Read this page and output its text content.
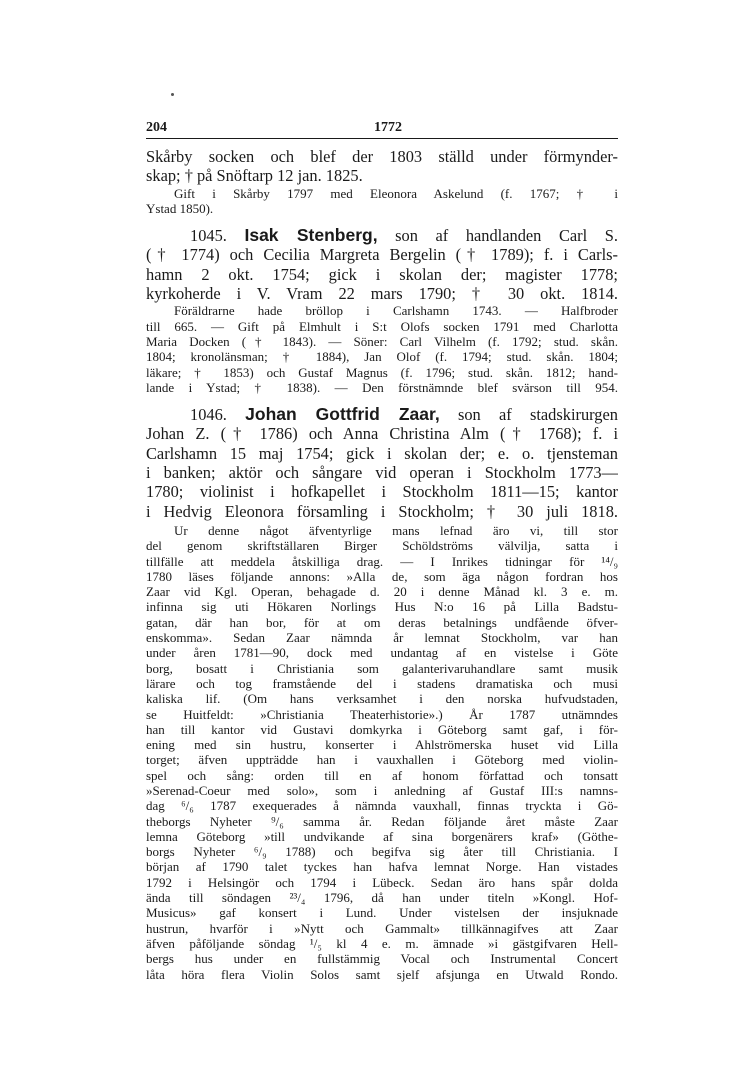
204	1772
Skårby socken och blef der 1803 ställd under förmynder-
skap; † på Snöftarp 12 jan. 1825.
Gift i Skårby 1797 med Eleonora Askelund (f. 1767; † i
Ystad 1850).
1045. Isak Stenberg, son af handlanden Carl S.
(† 1774) och Cecilia Margreta Bergelin († 1789); f. i Carls-
hamn 2 okt. 1754; gick i skolan der; magister 1778;
kyrkoherde i V. Vram 22 mars 1790; † 30 okt. 1814.
Föräldrarne hade bröllop i Carlshamn 1743. — Halfbroder
till 665. — Gift på Elmhult i S:t Olofs socken 1791 med Charlotta
Maria Docken († 1843). — Söner: Carl Vilhelm (f. 1792; stud. skån.
1804; kronolänsman; † 1884), Jan Olof (f. 1794; stud. skån. 1804;
läkare; † 1853) och Gustaf Magnus (f. 1796; stud. skån. 1812; hand-
lande i Ystad; † 1838). — Den förstnämnde blef svärson till 954.
1046. Johan Gottfrid Zaar, son af stadskirurgen
Johan Z. († 1786) och Anna Christina Alm († 1768); f. i
Carlshamn 15 maj 1754; gick i skolan der; e. o. tjensteman
i banken; aktör och sångare vid operan i Stockholm 1773—
1780; violinist i hofkapellet i Stockholm 1811—15; kantor
i Hedvig Eleonora församling i Stockholm; † 30 juli 1818.
Ur denne något äfventyrlige mans lefnad äro vi, till stor
del genom skriftställaren Birger Schöldströms välvilja, satta i
tillfälle att meddela åtskilliga drag. — I Inrikes tidningar för ¹⁴/₉
1780 läses följande annons: »Alla de, som äga någon fordran hos
Zaar vid Kgl. Operan, behagade d. 20 i denne Månad kl. 3 e. m.
infinna sig uti Hökaren Norlings Hus N:o 16 på Lilla Badstu-
gatan, där han bor, för at om deras betalnings undfående öfver-
enskomma». Sedan Zaar nämnda år lemnat Stockholm, var han
under åren 1781—90, dock med undantag af en vistelse i Göte
borg, bosatt i Christiania som galanterivaruhandlare samt musik
lärare och tog framstående del i stadens dramatiska och musi
kaliska lif. (Om hans verksamhet i den norska hufvudstaden,
se Huitfeldt: »Christiania Theaterhistorie».) År 1787 utnämndes
han till kantor vid Gustavi domkyrka i Göteborg samt gaf, i för-
ening med sin hustru, konserter i Ahlströmerska huset vid Lilla
torget; äfven uppträdde han i vauxhallen i Göteborg med violin-
spel och sång: orden till en af honom författad och tonsatt
»Serenad-Coeur med solo», som i anledning af Gustaf III:s namns-
dag ⁶/₆ 1787 exequerades å nämnda vauxhall, finnas tryckta i Gö-
theborgs Nyheter ⁹/₆ samma år. Redan följande året måste Zaar
lemna Göteborg »till undvikande af sina borgenärers kraf» (Göthe-
borgs Nyheter ⁶/₉ 1788) och begifva sig åter till Christiania. I
början af 1790 talet tyckes han hafva lemnat Norge. Han vistades
1792 i Helsingör och 1794 i Lübeck. Sedan äro hans spår dolda
ända till söndagen ²³/₄ 1796, då han under titeln »Kongl. Hof-
Musicus» gaf konsert i Lund. Under vistelsen der insjuknade
hustrun, hvarför i »Nytt och Gammalt» tillkännagifves att Zaar
äfven påföljande söndag ¹/₅ kl 4 e. m. ämnade »i gästgifvaren Hell-
bergs hus under en fullstämmig Vocal och Instrumental Concert
låta höra flera Violin Solos samt sjelf afsjunga en Utwald Rondo.
